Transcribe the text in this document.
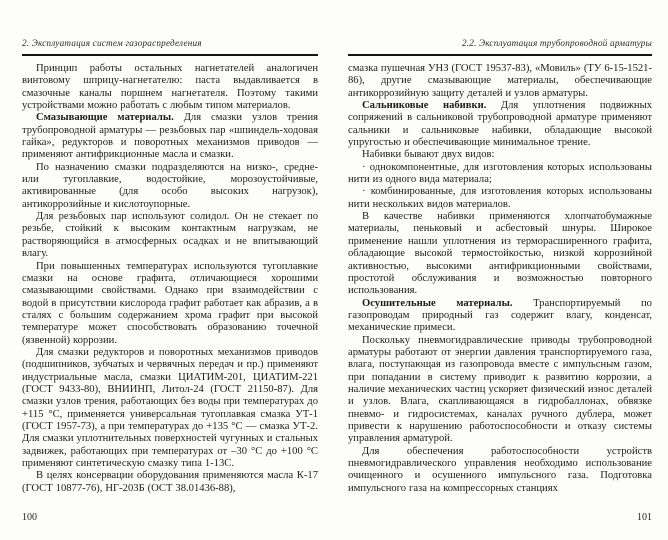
2. Эксплуатация систем газораспределения

Принцип работы остальных нагнетателей аналогичен винтовому шприцу-нагнетателю: паста выдавливается в смазочные каналы поршнем нагнетателя. Поэтому такими устройствами можно работать с любым типом материалов.

Смазывающие материалы. Для смазки узлов трения трубопроводной арматуры — резьбовых пар «шпиндель-ходовая гайка», редукторов и поворотных механизмов приводов — применяют антифрикционные масла и смазки.

По назначению смазки подразделяются на низко-, средне- или тугоплавкие, водостойкие, морозоустойчивые, активированные (для особо высоких нагрузок), антикоррозийные и кислотоупорные.

Для резьбовых пар используют солидол. Он не стекает по резьбе, стойкий к высоким контактным нагрузкам, не растворяющийся в атмосферных осадках и не впитывающий влагу.

При повышенных температурах используются тугоплавкие смазки на основе графита, отличающиеся хорошими смазывающими свойствами. Однако при взаимодействии с водой в присутствии кислорода графит работает как абразив, а в сталях с большим содержанием хрома графит при высокой температуре может способствовать образованию точечной (язвенной) коррозии.

Для смазки редукторов и поворотных механизмов приводов (подшипников, зубчатых и червячных передач и пр.) применяют индустриальные масла, смазки ЦИАТИМ-201, ЦИАТИМ-221 (ГОСТ 9433-80), ВНИИНП, Литол-24 (ГОСТ 21150-87). Для смазки узлов трения, работающих без воды при температурах до +115 °С, применяется универсальная тугоплавкая смазка УТ-1 (ГОСТ 1957-73), а при температурах до +135 °С — смазка УТ-2. Для смазки уплотнительных поверхностей чугунных и стальных задвижек, работающих при температурах от –30 °С до +100 °С применяют синтетическую смазку типа 1-13С.

В целях консервации оборудования применяются масла К-17 (ГОСТ 10877-76), НГ-203Б (ОСТ 38.01436-88),

100
2.2. Эксплуатация трубопроводной арматуры

смазка пушечная УНЗ (ГОСТ 19537-83), «Мовиль» (ТУ 6-15-1521-86), другие смазывающие материалы, обеспечивающие антикоррозийную защиту деталей и узлов арматуры.

Сальниковые набивки. Для уплотнения подвижных сопряжений в сальниковой трубопроводной арматуре применяют сальники и сальниковые набивки, обладающие высокой упругостью и обеспечивающие минимальное трение.

Набивки бывают двух видов:

· однокомпонентные, для изготовления которых использованы нити из одного вида материала;

· комбинированные, для изготовления которых использованы нити нескольких видов материалов.

В качестве набивки применяются хлопчатобумажные материалы, пеньковый и асбестовый шнуры. Широкое применение нашли уплотнения из терморасширенного графита, обладающие высокой термостойкостью, низкой коррозийной активностью, высокими антифрикционными свойствами, простотой обслуживания и возможностью повторного использования.

Осушительные материалы. Транспортируемый по газопроводам природный газ содержит влагу, конденсат, механические примеси.

Поскольку пневмогидравлические приводы трубопроводной арматуры работают от энергии давления транспортируемого газа, влага, поступающая из газопровода вместе с импульсным газом, при попадании в систему приводит к развитию коррозии, а наличие механических частиц ускоряет физический износ деталей и узлов. Влага, скапливающаяся в гидробаллонах, обвязке пневмо- и гидросистемах, каналах ручного дублера, может привести к нарушению работоспособности и отказу системы управления арматурой.

Для обеспечения работоспособности устройств пневмогидравлического управления необходимо использование очищенного и осушенного импульсного газа. Подготовка импульсного газа на компрессорных станциях

101
